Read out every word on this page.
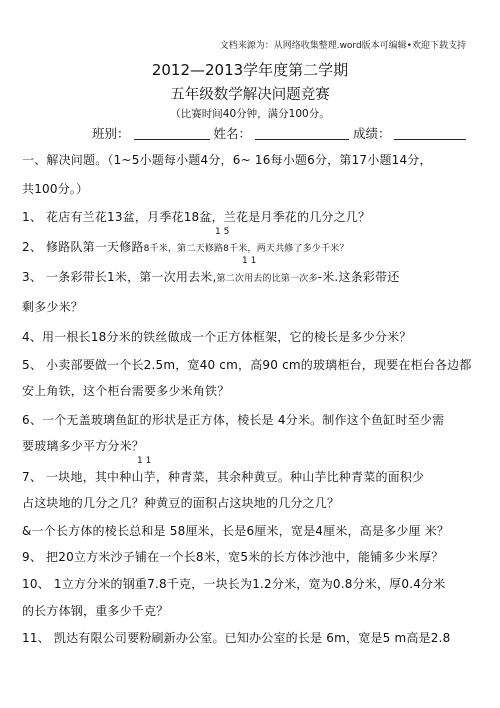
文档来源为：从网络收集整理.word版本可编辑•欢迎下载支持
2012—2013学年度第二学期
五年级数学解决问题竞赛
（比赛时间40分钟，满分100分。
班别：	姓名：	成绩：
一、解决问题。（1~5小题每小题4分，6~ 16每小题6分，第17小题14分，
共100分。）
1、 花店有兰花13盆，月季花18盆，兰花是月季花的几分之几？
1 5
2、 修路队第一天修路8千米，第二天修路8千米，两天共修了多少千米？
1 1
3、 一条彩带长1米，第一次用去米,第二次用去的比第一次多-米.这条彩带还
剩多少米？
4、用一根长18分米的铁丝做成一个正方体框架，它的棱长是多少分米？
5、 小卖部要做一个长2.5m，宽40 cm，高90 cm的玻璃柜台，现要在柜台各边都
安上角铁，这个柜台需要多少米角铁？
6、一个无盖玻璃鱼缸的形状是正方体，棱长是 4分米。制作这个鱼缸时至少需
要玻璃多少平方分米？
1 1
7、 一块地，其中种山芋，种青菜，其余种黄豆。种山芋比种青菜的面积少
占这块地的几分之几？种黄豆的面积占这块地的几分之几？
&一个长方体的棱长总和是 58厘米，长是6厘米，宽是4厘米，高是多少厘 米？
9、 把20立方米沙子铺在一个长8米，宽5米的长方体沙池中，能铺多少米厚？
10、 1立方分米的钢重7.8千克，一块长为1.2分米，宽为0.8分米，厚0.4分米
的长方体钢，重多少千克？
11、 凯达有限公司要粉刷新办公室。已知办公室的长是 6m，宽是5 m高是2.8
